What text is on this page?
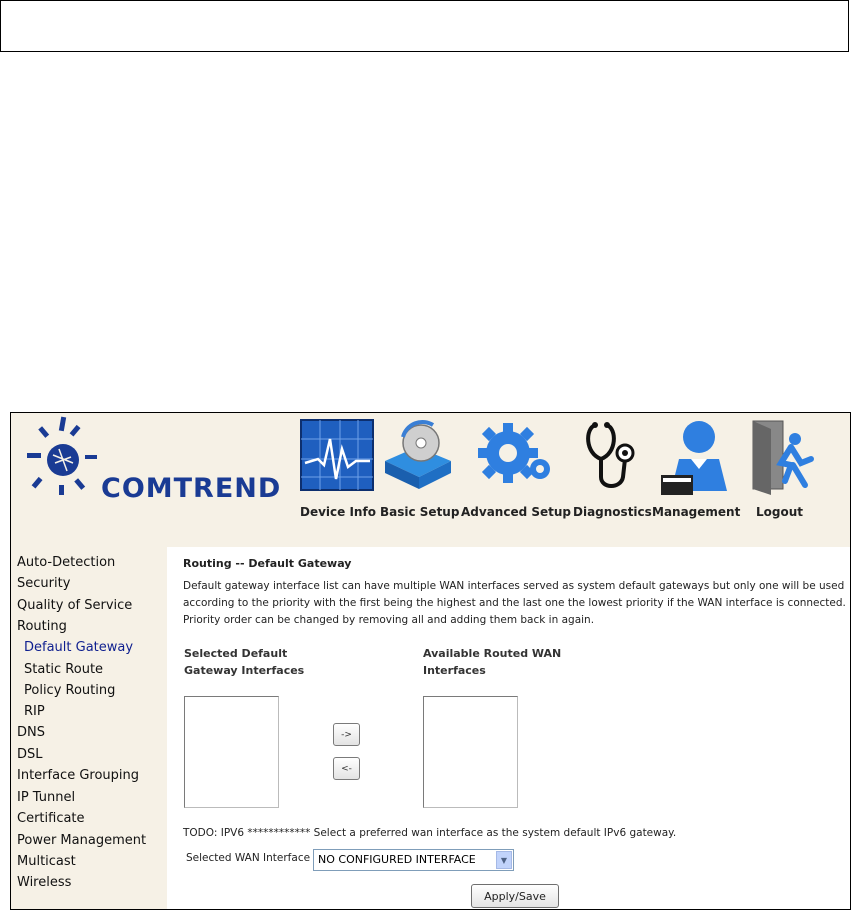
COMTREND
Device Info Basic Setup Advanced Setup Diagnostics Management Logout
Auto-Detection
Security
Quality of Service
Routing
Default Gateway
Static Route
Policy Routing
RIP
DNS
DSL
Interface Grouping
IP Tunnel
Certificate
Power Management
Multicast
Wireless
Routing -- Default Gateway
Default gateway interface list can have multiple WAN interfaces served as system default gateways but only one will be used
according to the priority with the first being the highest and the last one the lowest priority if the WAN interface is connected.
Priority order can be changed by removing all and adding them back in again.
Selected Default
Gateway Interfaces
Available Routed WAN
Interfaces
->
<-
TODO: IPV6 ************ Select a preferred wan interface as the system default IPv6 gateway.
Selected WAN Interface NO CONFIGURED INTERFACE	▼
Apply/Save
